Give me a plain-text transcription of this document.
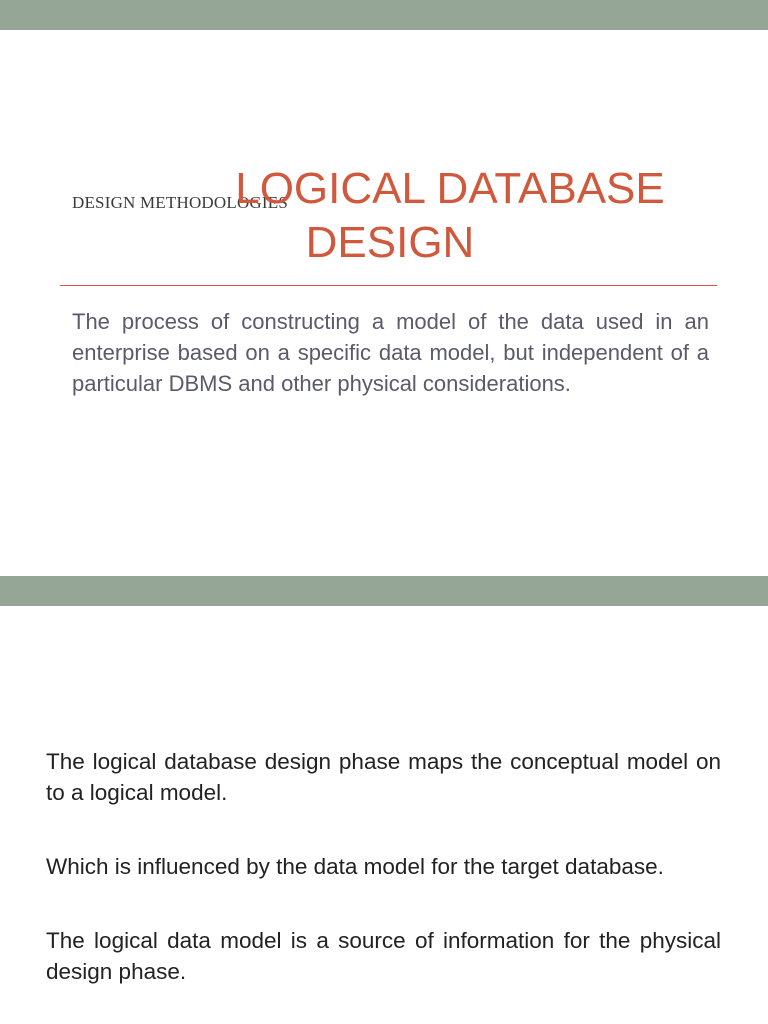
DESIGN METHODOLOGIES
LOGICAL DATABASE
DESIGN

The process of constructing a model of the data used in an enterprise based on a specific data model, but independent of a particular DBMS and other physical considerations.

The logical database design phase maps the conceptual model on to a logical model.

Which is influenced by the data model for the target database.

The logical data model is a source of information for the physical design phase.
